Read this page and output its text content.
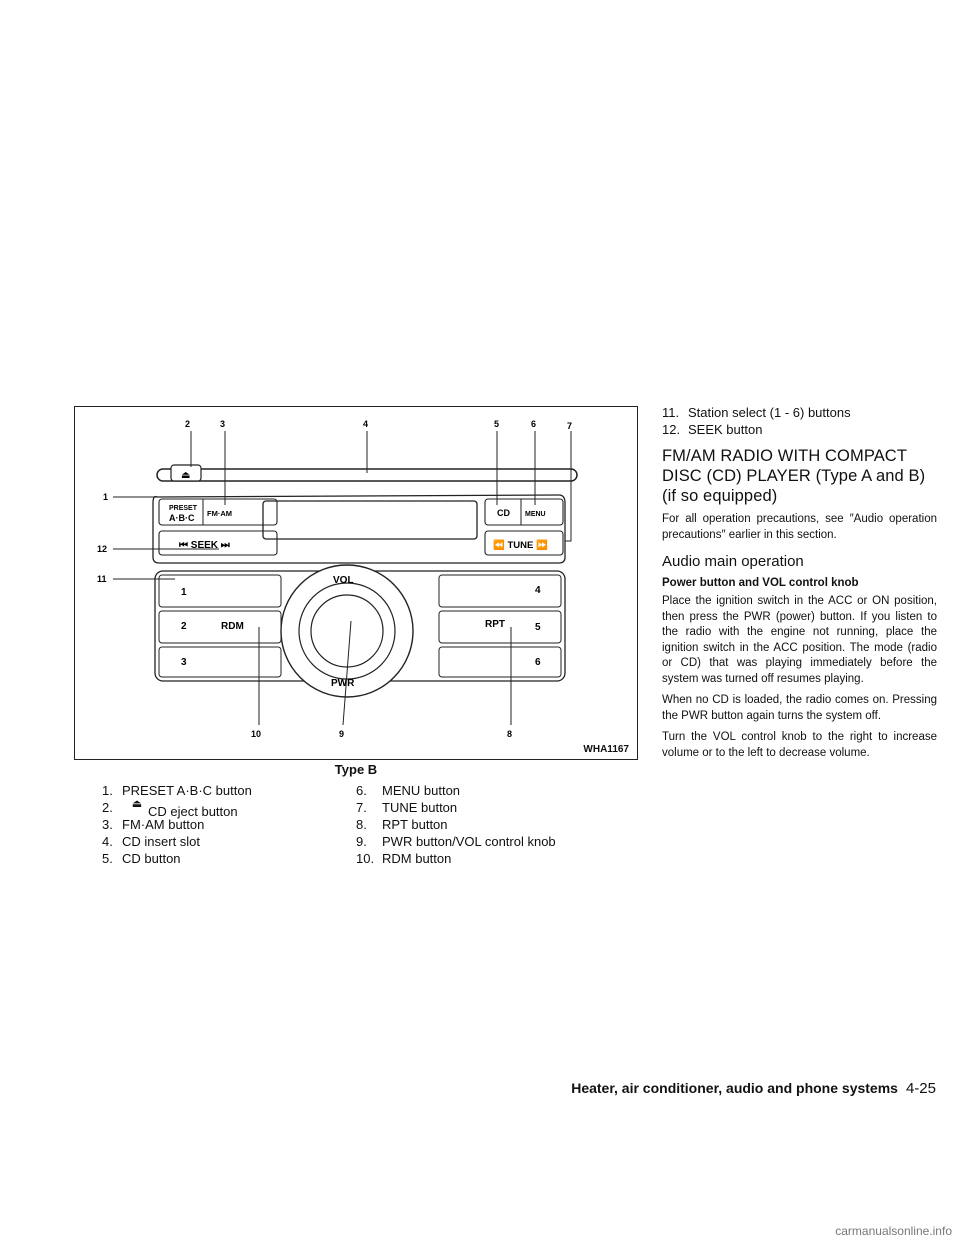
⏏
PRESET
A·B·C FM·AM	CD MENU
⏮ SEEK ⏭	⏪ TUNE ⏩
1
2
3
4
5
6
RDM	RPT
VOL
PWR
2	3	4	5	6	7
1
12
11
10	9	8
WHA1167
Type B
1. PRESET A·B·C button
2.	⏏ CD eject button
3. FM·AM button
4. CD insert slot
5. CD button
6.	MENU button
7.	TUNE button
8.	RPT button
9.	PWR button/VOL control knob
10. RDM button
11. Station select (1 - 6) buttons
12. SEEK button
FM/AM RADIO WITH COMPACT DISC (CD) PLAYER (Type A and B) (if so equipped)

For all operation precautions, see ″Audio operation precautions″ earlier in this section.

Audio main operation
Power button and VOL control knob

Place the ignition switch in the ACC or ON position, then press the PWR (power) button. If you listen to the radio with the engine not running, place the ignition switch in the ACC position. The mode (radio or CD) that was playing immediately before the system was turned off resumes playing.

When no CD is loaded, the radio comes on. Pressing the PWR button again turns the system off.

Turn the VOL control knob to the right to increase volume or to the left to decrease volume.

Heater, air conditioner, audio and phone systems 4-25
carmanualsonline.info
